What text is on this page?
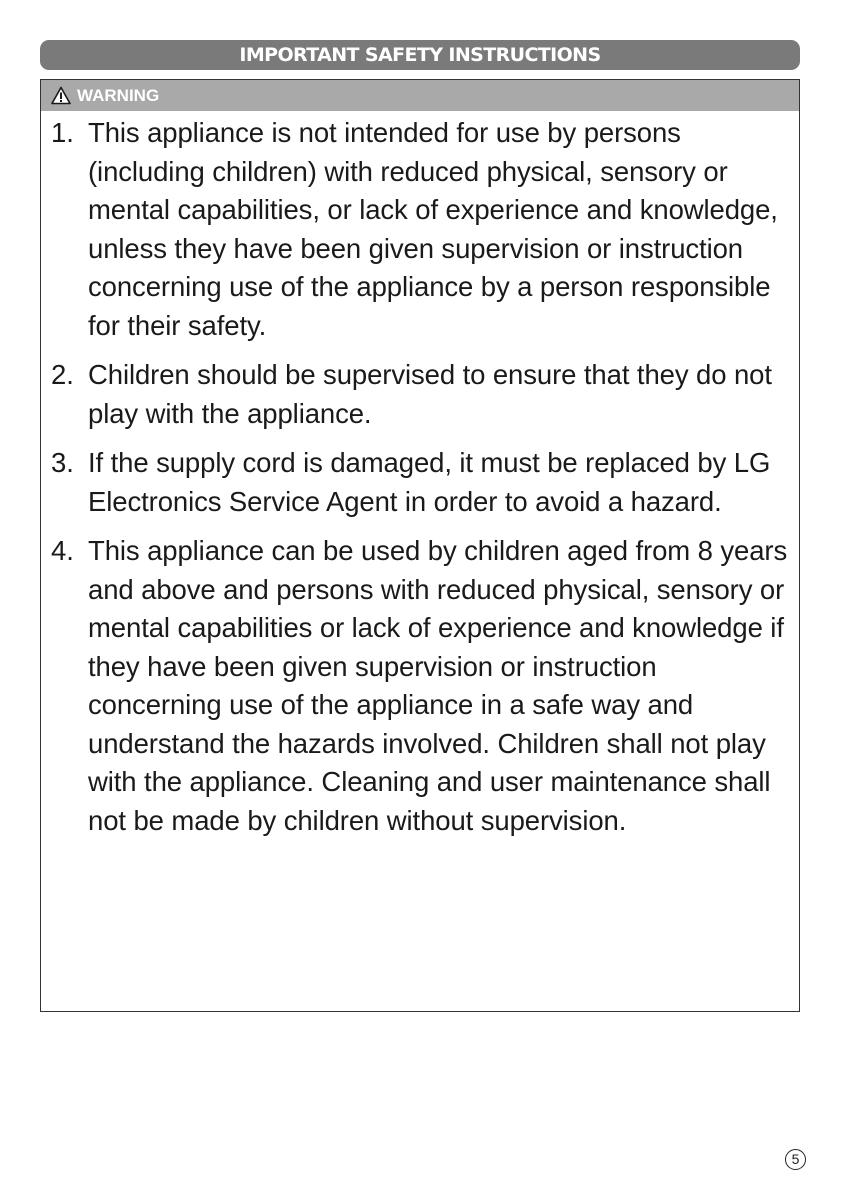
IMPORTANT SAFETY INSTRUCTIONS
WARNING
1. This appliance is not intended for use by persons (including children) with reduced physical, sensory or mental capabilities, or lack of experience and knowledge, unless they have been given supervision or instruction concerning use of the appliance by a person responsible for their safety.
2. Children should be supervised to ensure that they do not play with the appliance.
3. If the supply cord is damaged, it must be replaced by LG Electronics Service Agent in order to avoid a hazard.
4. This appliance can be used by children aged from 8 years and above and persons with reduced physical, sensory or mental capabilities or lack of experience and knowledge if they have been given supervision or instruction concerning use of the appliance in a safe way and understand the hazards involved. Children shall not play with the appliance. Cleaning and user maintenance shall not be made by children without supervision.
5
